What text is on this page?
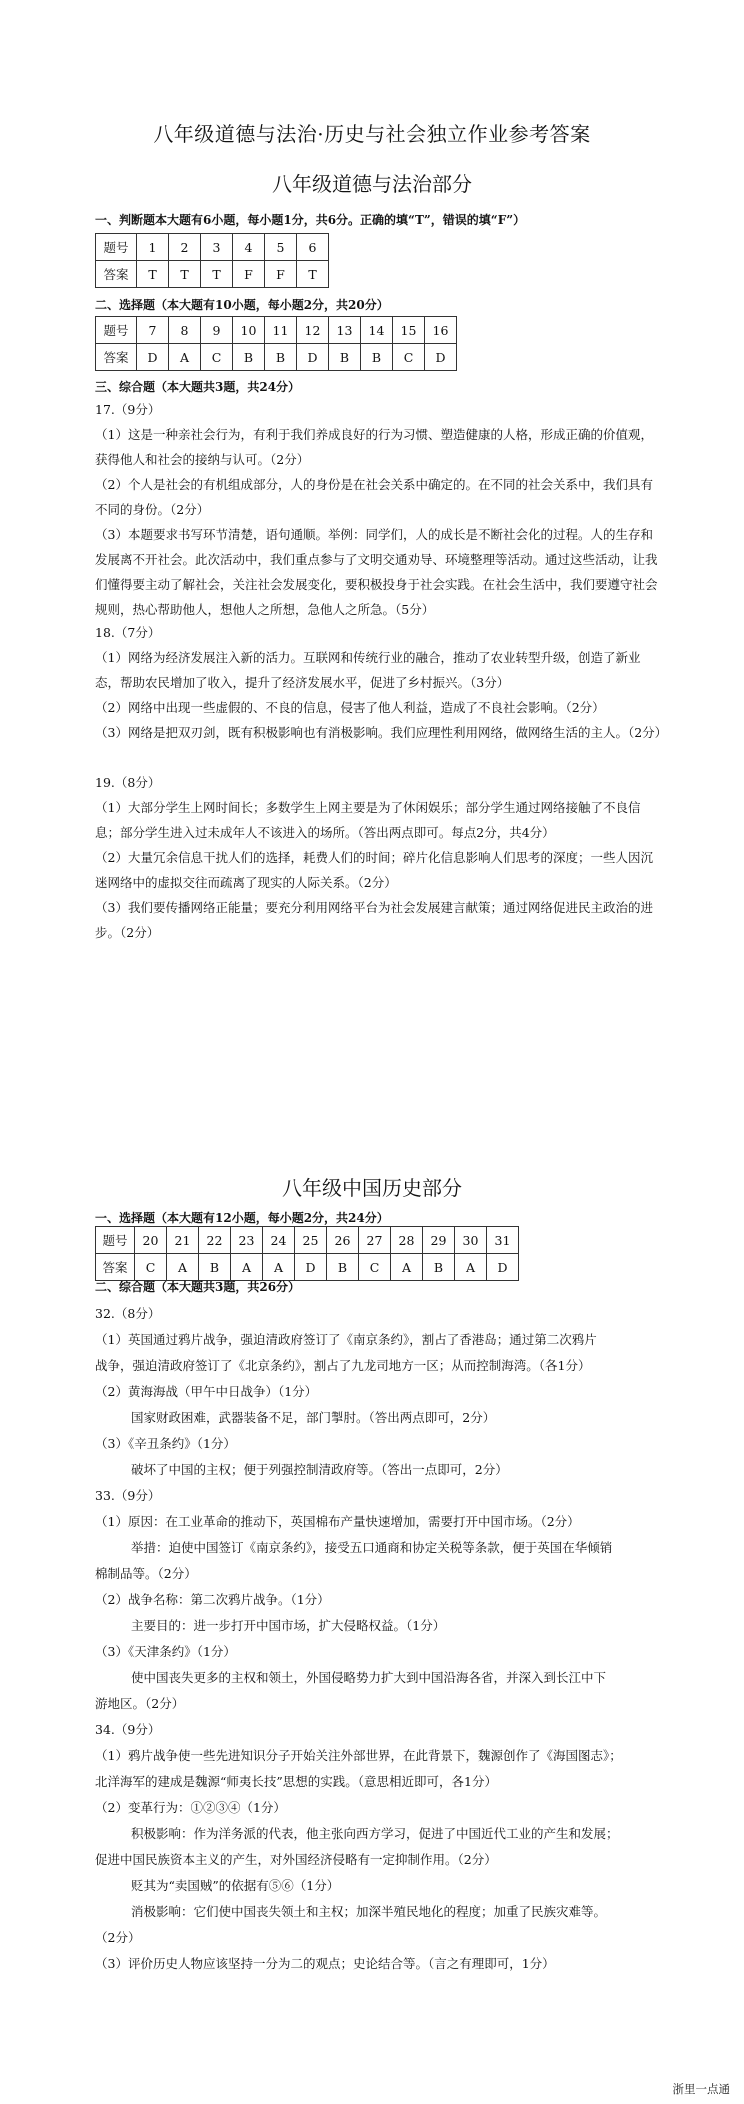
八年级道德与法治·历史与社会独立作业参考答案
八年级道德与法治部分
一、判断题本大题有6小题，每小题1分，共6分。正确的填“T”，错误的填“F”）
题号	1	2	3	4	5	6
答案	T	T	T	F	F	T
二、选择题（本大题有10小题，每小题2分，共20分）
题号	7	8	9	10	11	12	13	14	15	16
答案	D	A	C	B	B	D	B	B	C	D
三、综合题（本大题共3题，共24分）
17.（9分）
（1）这是一种亲社会行为，有利于我们养成良好的行为习惯、塑造健康的人格，形成正确的价值观，获得他人和社会的接纳与认可。（2分）
（2）个人是社会的有机组成部分，人的身份是在社会关系中确定的。在不同的社会关系中，我们具有不同的身份。（2分）
（3）本题要求书写环节清楚，语句通顺。举例：同学们，人的成长是不断社会化的过程。人的生存和发展离不开社会。此次活动中，我们重点参与了文明交通劝导、环境整理等活动。通过这些活动，让我们懂得要主动了解社会，关注社会发展变化，要积极投身于社会实践。在社会生活中，我们要遵守社会规则，热心帮助他人，想他人之所想，急他人之所急。（5分）
18.（7分）
（1）网络为经济发展注入新的活力。互联网和传统行业的融合，推动了农业转型升级，创造了新业态，帮助农民增加了收入，提升了经济发展水平，促进了乡村振兴。（3分）
（2）网络中出现一些虚假的、不良的信息，侵害了他人利益，造成了不良社会影响。（2分）
（3）网络是把双刃剑，既有积极影响也有消极影响。我们应理性利用网络，做网络生活的主人。（2分）
19.（8分）
（1）大部分学生上网时间长；多数学生上网主要是为了休闲娱乐；部分学生通过网络接触了不良信息；部分学生进入过未成年人不该进入的场所。（答出两点即可。每点2分，共4分）
（2）大量冗余信息干扰人们的选择，耗费人们的时间；碎片化信息影响人们思考的深度；一些人因沉迷网络中的虚拟交往而疏离了现实的人际关系。（2分）
（3）我们要传播网络正能量；要充分利用网络平台为社会发展建言献策；通过网络促进民主政治的进步。（2分）
八年级中国历史部分
一、选择题（本大题有12小题，每小题2分，共24分）
题号	20	21	22	23	24	25	26	27	28	29	30	31
答案	C	A	B	A	A	D	B	C	A	B	A	D
二、综合题（本大题共3题，共26分）
32.（8分）
（1）英国通过鸦片战争，强迫清政府签订了《南京条约》，割占了香港岛；通过第二次鸦片
战争，强迫清政府签订了《北京条约》，割占了九龙司地方一区；从而控制海湾。（各1分）
（2）黄海海战（甲午中日战争）（1分）
国家财政困难，武器装备不足，部门掣肘。（答出两点即可，2分）
（3）《辛丑条约》（1分）
破坏了中国的主权；便于列强控制清政府等。（答出一点即可，2分）
33.（9分）
（1）原因：在工业革命的推动下，英国棉布产量快速增加，需要打开中国市场。（2分）
举措：迫使中国签订《南京条约》，接受五口通商和协定关税等条款，便于英国在华倾销
棉制品等。（2分）
（2）战争名称：第二次鸦片战争。（1分）
主要目的：进一步打开中国市场，扩大侵略权益。（1分）
（3）《天津条约》（1分）
使中国丧失更多的主权和领土，外国侵略势力扩大到中国沿海各省，并深入到长江中下
游地区。（2分）
34.（9分）
（1）鸦片战争使一些先进知识分子开始关注外部世界，在此背景下，魏源创作了《海国图志》；
北洋海军的建成是魏源“师夷长技”思想的实践。（意思相近即可，各1分）
（2）变革行为：①②③④（1分）
积极影响：作为洋务派的代表，他主张向西方学习，促进了中国近代工业的产生和发展；
促进中国民族资本主义的产生，对外国经济侵略有一定抑制作用。（2分）
贬其为“卖国贼”的依据有⑤⑥（1分）
消极影响：它们使中国丧失领土和主权；加深半殖民地化的程度；加重了民族灾难等。
（2分）
（3）评价历史人物应该坚持一分为二的观点；史论结合等。（言之有理即可，1分）
浙里一点通
